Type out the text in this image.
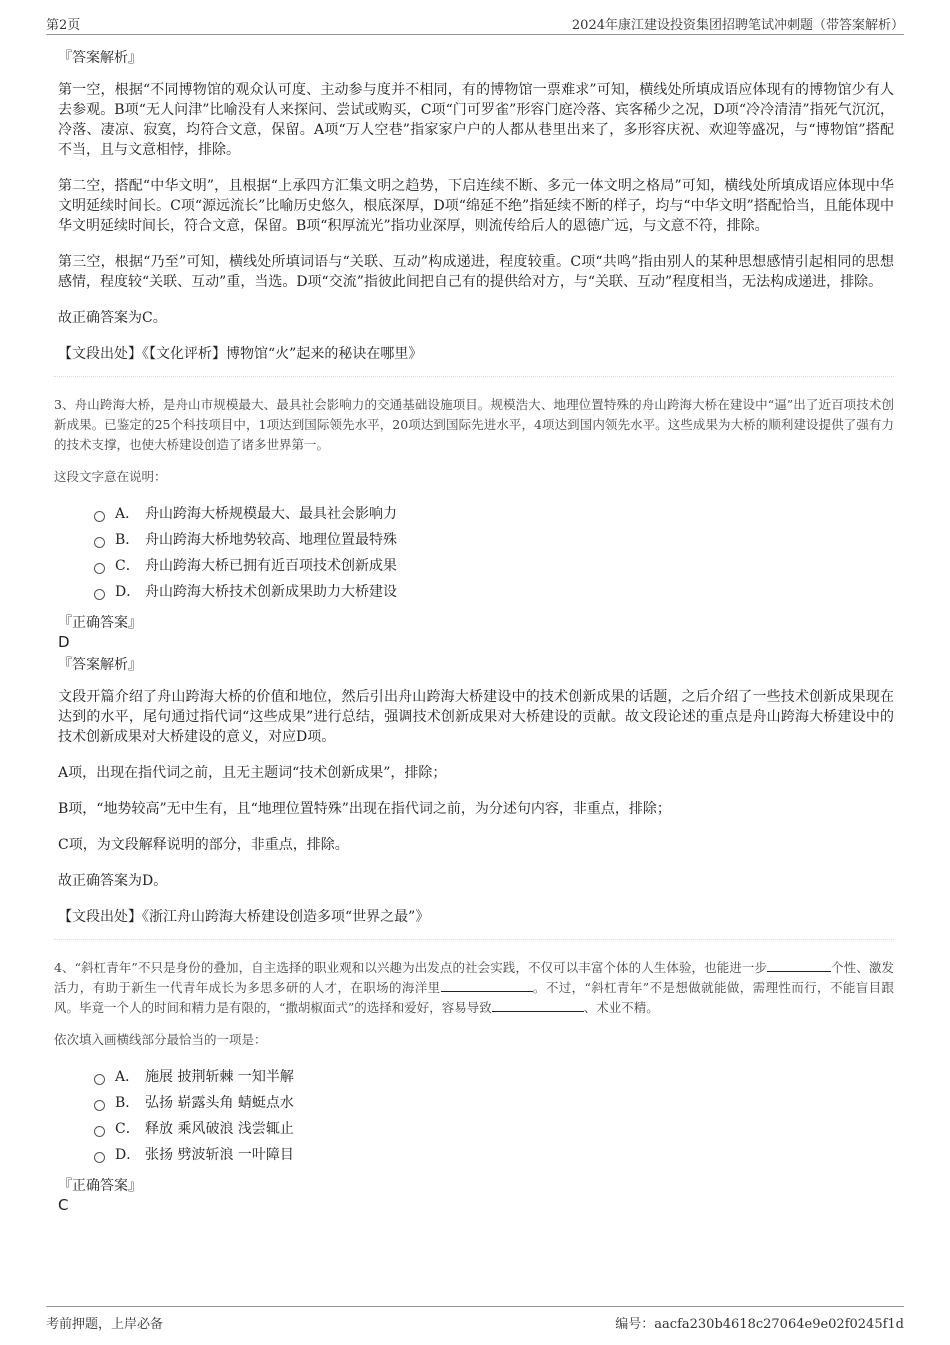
第2页	2024年康江建设投资集团招聘笔试冲刺题（带答案解析）
『答案解析』

第一空，根据“不同博物馆的观众认可度、主动参与度并不相同，有的博物馆一票难求”可知，横线处所填成语应体现有的博物馆少有人去参观。B项“无人问津”比喻没有人来探问、尝试或购买，C项“门可罗雀”形容门庭冷落、宾客稀少之况，D项“冷冷清清”指死气沉沉，冷落、凄凉、寂寞，均符合文意，保留。A项“万人空巷”指家家户户的人都从巷里出来了，多形容庆祝、欢迎等盛况，与“博物馆”搭配不当，且与文意相悖，排除。

第二空，搭配“中华文明”，且根据“上承四方汇集文明之趋势，下启连续不断、多元一体文明之格局”可知，横线处所填成语应体现中华文明延续时间长。C项“源远流长”比喻历史悠久，根底深厚，D项“绵延不绝”指延续不断的样子，均与“中华文明”搭配恰当，且能体现中华文明延续时间长，符合文意，保留。B项“积厚流光”指功业深厚，则流传给后人的恩德广远，与文意不符，排除。

第三空，根据“乃至”可知，横线处所填词语与“关联、互动”构成递进，程度较重。C项“共鸣”指由别人的某种思想感情引起相同的思想感情，程度较“关联、互动”重，当选。D项“交流”指彼此间把自己有的提供给对方，与“关联、互动”程度相当，无法构成递进，排除。

故正确答案为C。

【文段出处】《【文化评析】博物馆“火”起来的秘诀在哪里》

3、舟山跨海大桥，是舟山市规模最大、最具社会影响力的交通基础设施项目。规模浩大、地理位置特殊的舟山跨海大桥在建设中“逼”出了近百项技术创新成果。已鉴定的25个科技项目中，1项达到国际领先水平，20项达到国际先进水平，4项达到国内领先水平。这些成果为大桥的顺利建设提供了强有力的技术支撑，也使大桥建设创造了诸多世界第一。

这段文字意在说明：

A． 舟山跨海大桥规模最大、最具社会影响力
B． 舟山跨海大桥地势较高、地理位置最特殊
C． 舟山跨海大桥已拥有近百项技术创新成果
D． 舟山跨海大桥技术创新成果助力大桥建设
『正确答案』
D
『答案解析』

文段开篇介绍了舟山跨海大桥的价值和地位，然后引出舟山跨海大桥建设中的技术创新成果的话题，之后介绍了一些技术创新成果现在达到的水平，尾句通过指代词“这些成果”进行总结，强调技术创新成果对大桥建设的贡献。故文段论述的重点是舟山跨海大桥建设中的技术创新成果对大桥建设的意义，对应D项。

A项，出现在指代词之前，且无主题词“技术创新成果”，排除；

B项，“地势较高”无中生有，且“地理位置特殊”出现在指代词之前，为分述句内容，非重点，排除；

C项，为文段解释说明的部分，非重点，排除。

故正确答案为D。

【文段出处】《浙江舟山跨海大桥建设创造多项“世界之最”》

4、“斜杠青年”不只是身份的叠加，自主选择的职业观和以兴趣为出发点的社会实践，不仅可以丰富个体的人生体验，也能进一步	个性、激发活力，有助于新生一代青年成长为多思多研的人才，在职场的海洋里	。不过，“斜杠青年”不是想做就能做，需理性而行，不能盲目跟风。毕竟一个人的时间和精力是有限的，“撒胡椒面式”的选择和爱好，容易导致	、术业不精。

依次填入画横线部分最恰当的一项是：

A． 施展 披荆斩棘 一知半解
B． 弘扬 崭露头角 蜻蜓点水
C． 释放 乘风破浪 浅尝辄止
D． 张扬 劈波斩浪 一叶障目
『正确答案』
C
考前押题，上岸必备	编号：aacfa230b4618c27064e9e02f0245f1d
